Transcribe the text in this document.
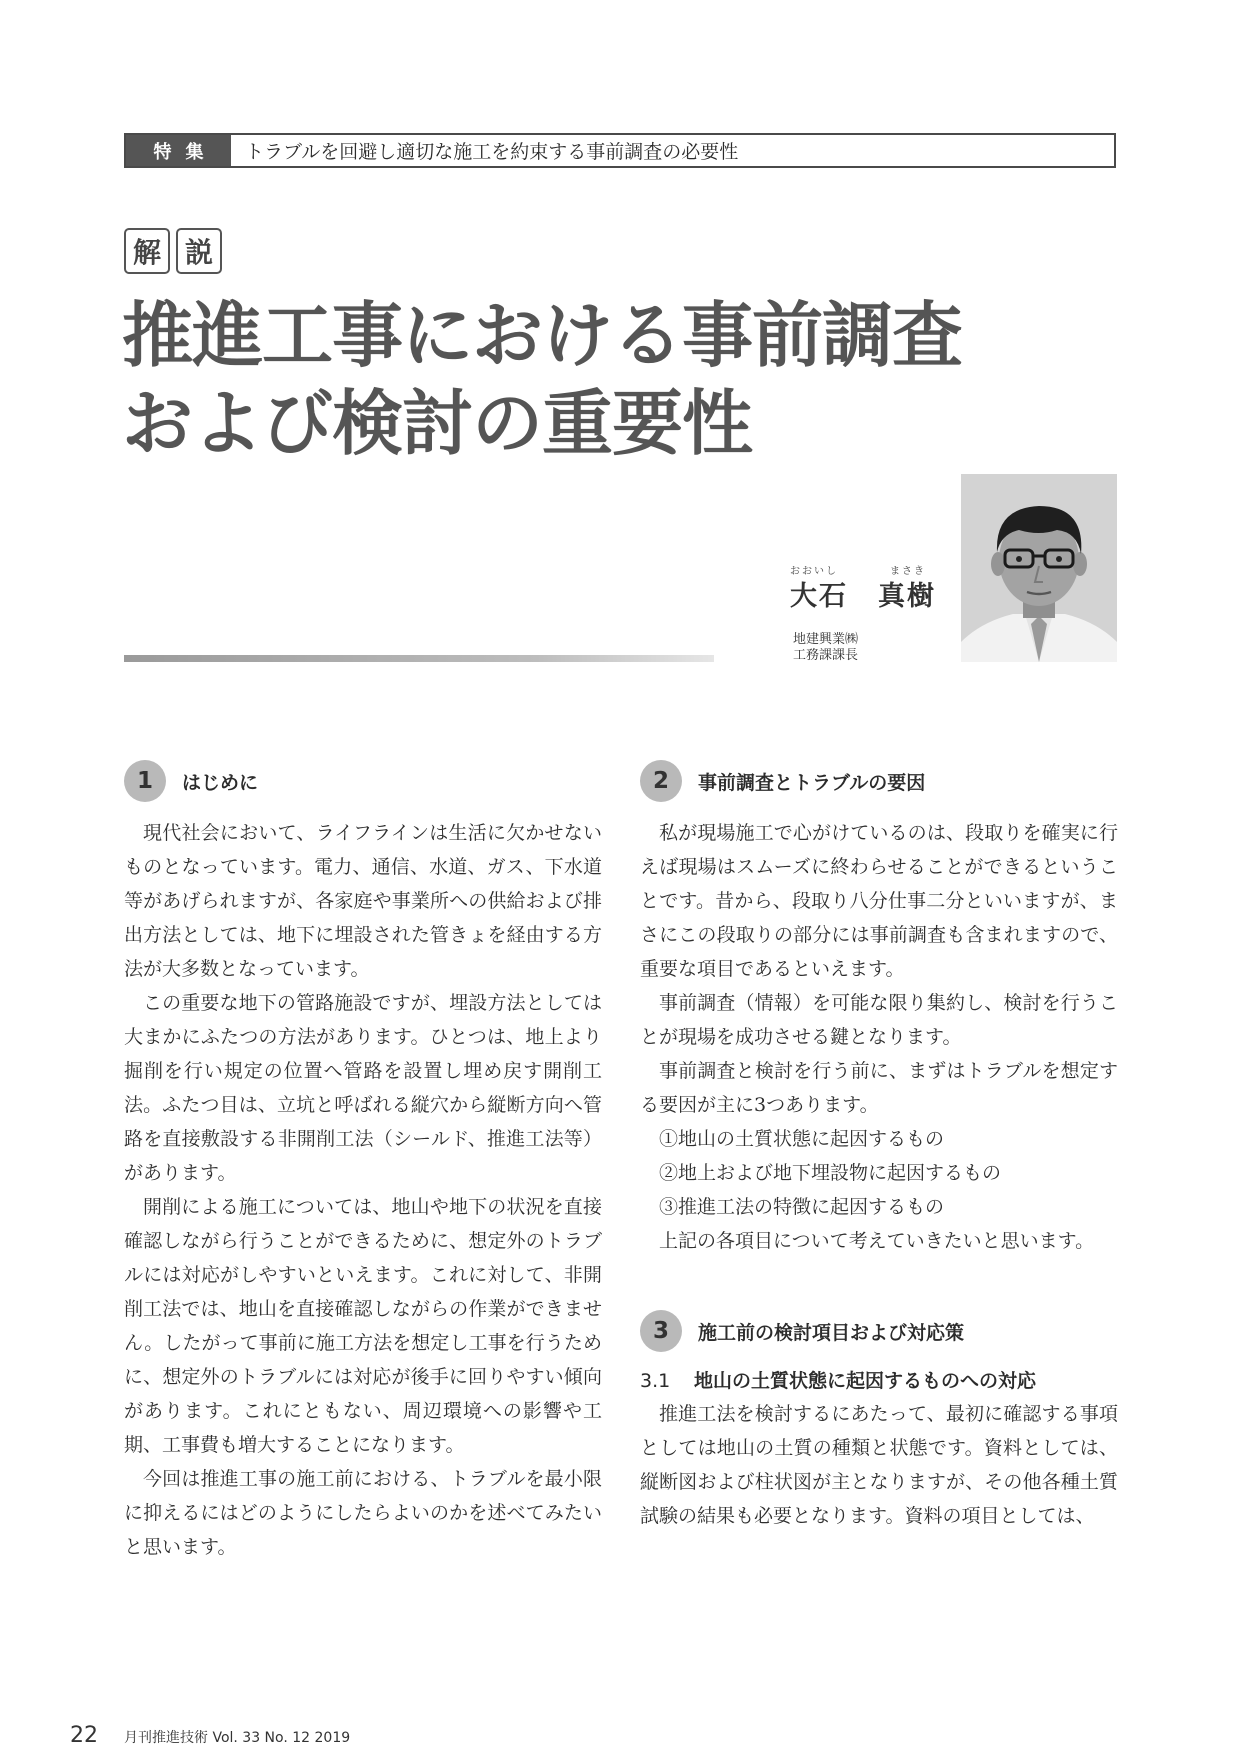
特集	トラブルを回避し適切な施工を約束する事前調査の必要性
解 説
推進工事における事前調査
および検討の重要性
おおいし	まさき
大石 真樹
地建興業㈱
工務課課長
1	はじめに

現代社会において、ライフラインは生活に欠かせないものとなっています。電力、通信、水道、ガス、下水道等があげられますが、各家庭や事業所への供給および排出方法としては、地下に埋設された管きょを経由する方法が大多数となっています。

この重要な地下の管路施設ですが、埋設方法としては大まかにふたつの方法があります。ひとつは、地上より掘削を行い規定の位置へ管路を設置し埋め戻す開削工法。ふたつ目は、立坑と呼ばれる縦穴から縦断方向へ管路を直接敷設する非開削工法（シールド、推進工法等）があります。

開削による施工については、地山や地下の状況を直接確認しながら行うことができるために、想定外のトラブルには対応がしやすいといえます。これに対して、非開削工法では、地山を直接確認しながらの作業ができません。したがって事前に施工方法を想定し工事を行うために、想定外のトラブルには対応が後手に回りやすい傾向があります。これにともない、周辺環境への影響や工期、工事費も増大することになります。

今回は推進工事の施工前における、トラブルを最小限に抑えるにはどのようにしたらよいのかを述べてみたいと思います。

2	事前調査とトラブルの要因

私が現場施工で心がけているのは、段取りを確実に行えば現場はスムーズに終わらせることができるということです。昔から、段取り八分仕事二分といいますが、まさにこの段取りの部分には事前調査も含まれますので、重要な項目であるといえます。

事前調査（情報）を可能な限り集約し、検討を行うことが現場を成功させる鍵となります。

事前調査と検討を行う前に、まずはトラブルを想定する要因が主に3つあります。

①地山の土質状態に起因するもの

②地上および地下埋設物に起因するもの

③推進工法の特徴に起因するもの

上記の各項目について考えていきたいと思います。

3	施工前の検討項目および対応策
3.1 地山の土質状態に起因するものへの対応

推進工法を検討するにあたって、最初に確認する事項としては地山の土質の種類と状態です。資料としては、縦断図および柱状図が主となりますが、その他各種土質試験の結果も必要となります。資料の項目としては、

22 月刊推進技術 Vol. 33 No. 12 2019
